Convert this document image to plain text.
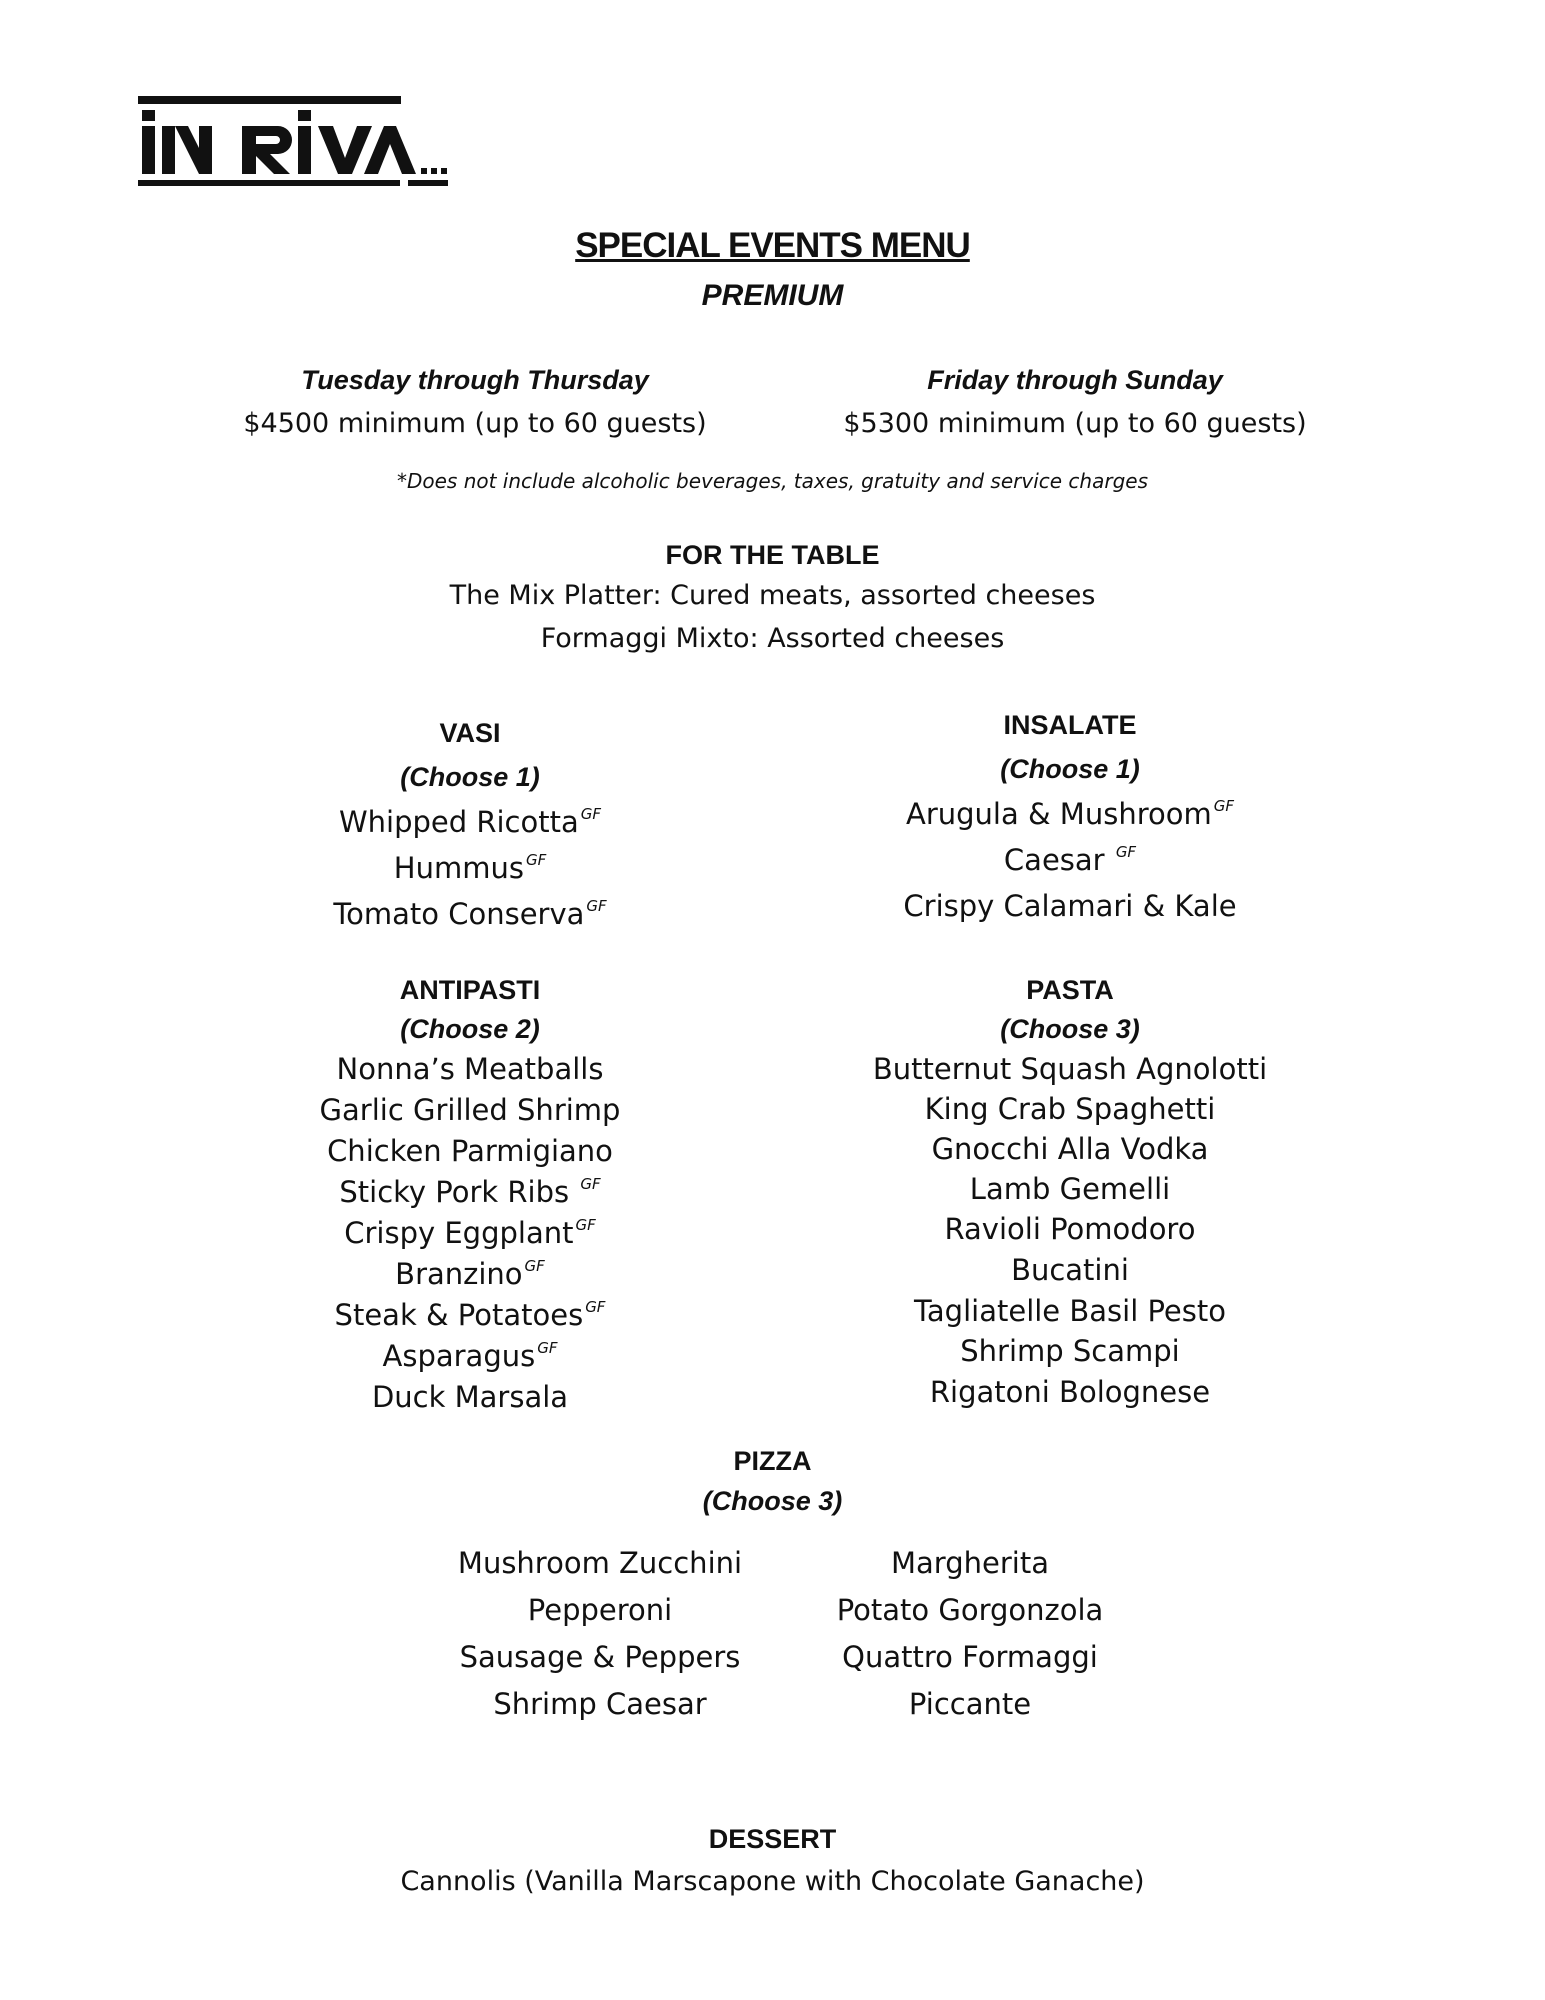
SPECIAL EVENTS MENU
PREMIUM
Tuesday through Thursday
$4500 minimum (up to 60 guests)
Friday through Sunday
$5300 minimum (up to 60 guests)
*Does not include alcoholic beverages, taxes, gratuity and service charges
FOR THE TABLE
The Mix Platter: Cured meats, assorted cheeses
Formaggi Mixto: Assorted cheeses
VASI
(Choose 1)
Whipped Ricotta $^{GF}$
Hummus $^{GF}$
Tomato Conserva $^{GF}$
INSALATE
(Choose 1)
Arugula & Mushroom $^{GF}$
Caesar $^{GF}$
Crispy Calamari & Kale
ANTIPASTI
(Choose 2)
Nonna’s Meatballs
Garlic Grilled Shrimp
Chicken Parmigiano
Sticky Pork Ribs $^{GF}$
Crispy Eggplant $^{GF}$
Branzino $^{GF}$
Steak & Potatoes $^{GF}$
Asparagus $^{GF}$
Duck Marsala
PASTA
(Choose 3)
Butternut Squash Agnolotti
King Crab Spaghetti
Gnocchi Alla Vodka
Lamb Gemelli
Ravioli Pomodoro
Bucatini
Tagliatelle Basil Pesto
Shrimp Scampi
Rigatoni Bolognese
PIZZA
(Choose 3)
Mushroom Zucchini
Pepperoni
Sausage & Peppers
Shrimp Caesar
Margherita
Potato Gorgonzola
Quattro Formaggi
Piccante
DESSERT
Cannolis (Vanilla Marscapone with Chocolate Ganache)
